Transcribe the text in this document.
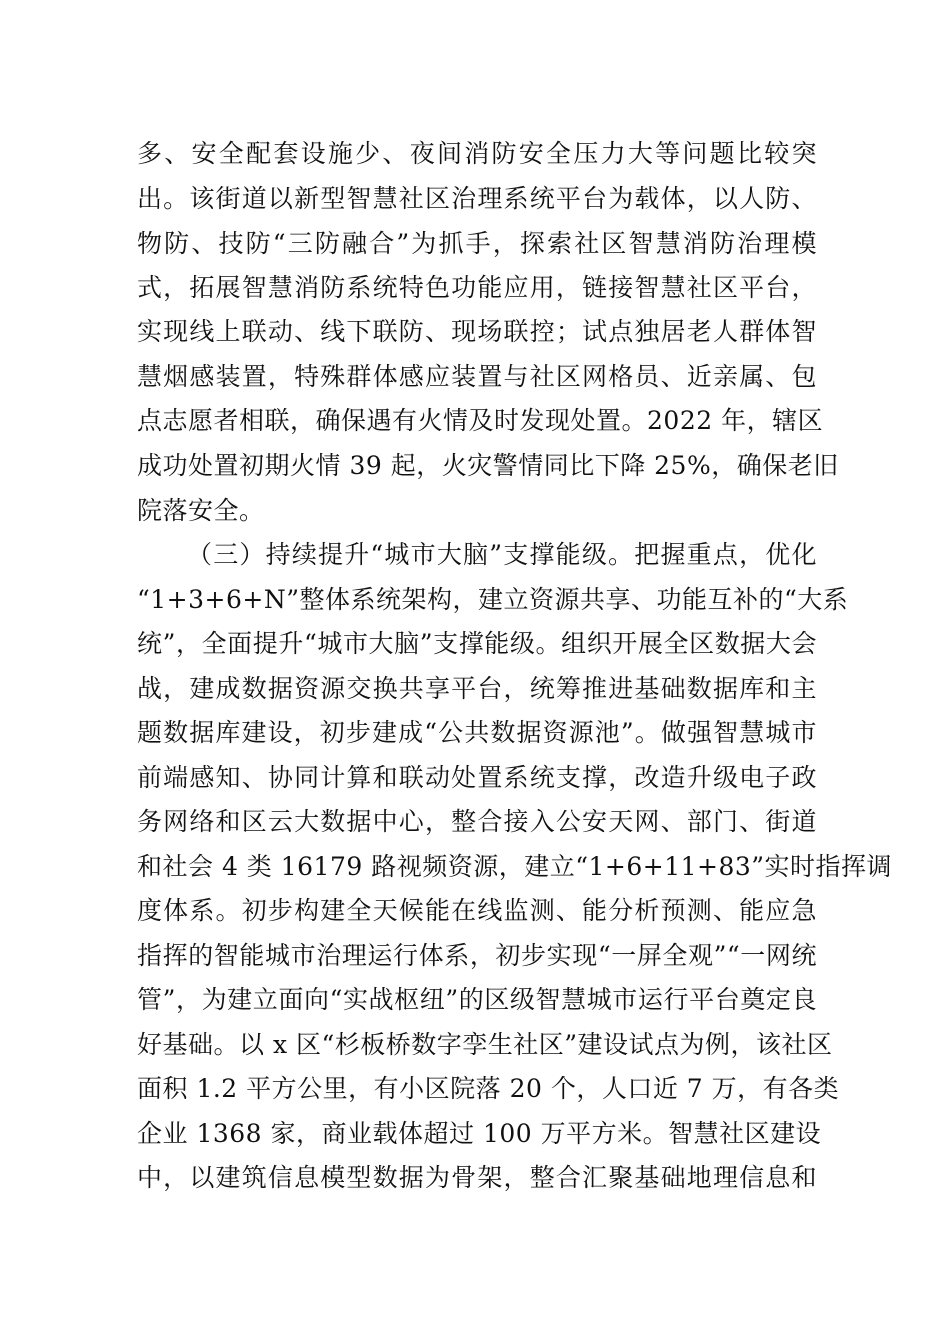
多、安全配套设施少、夜间消防安全压力大等问题比较突
出。该街道以新型智慧社区治理系统平台为载体，以人防、
物防、技防“三防融合”为抓手，探索社区智慧消防治理模
式，拓展智慧消防系统特色功能应用，链接智慧社区平台，
实现线上联动、线下联防、现场联控；试点独居老人群体智
慧烟感装置，特殊群体感应装置与社区网格员、近亲属、包
点志愿者相联，确保遇有火情及时发现处置。2022 年，辖区
成功处置初期火情 39 起，火灾警情同比下降 25%，确保老旧
院落安全。
（三）持续提升“城市大脑”支撑能级。把握重点，优化
“1+3+6+N”整体系统架构，建立资源共享、功能互补的“大系
统”，全面提升“城市大脑”支撑能级。组织开展全区数据大会
战，建成数据资源交换共享平台，统筹推进基础数据库和主
题数据库建设，初步建成“公共数据资源池”。做强智慧城市
前端感知、协同计算和联动处置系统支撑，改造升级电子政
务网络和区云大数据中心，整合接入公安天网、部门、街道
和社会 4 类 16179 路视频资源，建立“1+6+11+83”实时指挥调
度体系。初步构建全天候能在线监测、能分析预测、能应急
指挥的智能城市治理运行体系，初步实现“一屏全观”“一网统
管”，为建立面向“实战枢纽”的区级智慧城市运行平台奠定良
好基础。以 x 区“杉板桥数字孪生社区”建设试点为例，该社区
面积 1.2 平方公里，有小区院落 20 个，人口近 7 万，有各类
企业 1368 家，商业载体超过 100 万平方米。智慧社区建设
中，以建筑信息模型数据为骨架，整合汇聚基础地理信息和
